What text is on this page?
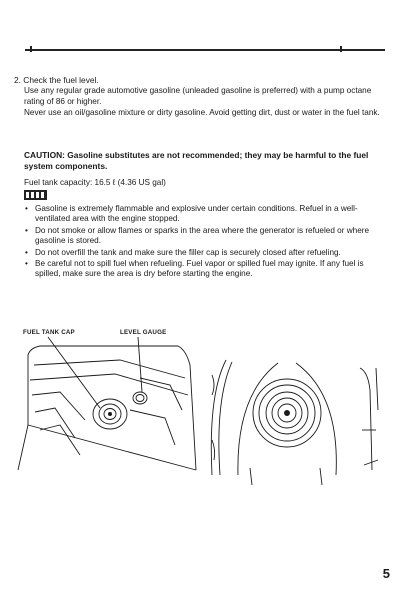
2. Check the fuel level.
Use any regular grade automotive gasoline (unleaded gasoline is preferred) with a pump octane rating of 86 or higher.
Never use an oil/gasoline mixture or dirty gasoline. Avoid getting dirt, dust or water in the fuel tank.
CAUTION: Gasoline substitutes are not recommended; they may be harmful to the fuel system components.
Fuel tank capacity: 16.5 ℓ (4.36 US gal)
• Gasoline is extremely flammable and explosive under certain conditions. Refuel in a well-ventilated area with the engine stopped.
• Do not smoke or allow flames or sparks in the area where the generator is refueled or where gasoline is stored.
• Do not overfill the tank and make sure the filler cap is securely closed after refueling.
• Be careful not to spill fuel when refueling. Fuel vapor or spilled fuel may ignite. If any fuel is spilled, make sure the area is dry before starting the engine.
FUEL TANK CAP	LEVEL GAUGE
5
